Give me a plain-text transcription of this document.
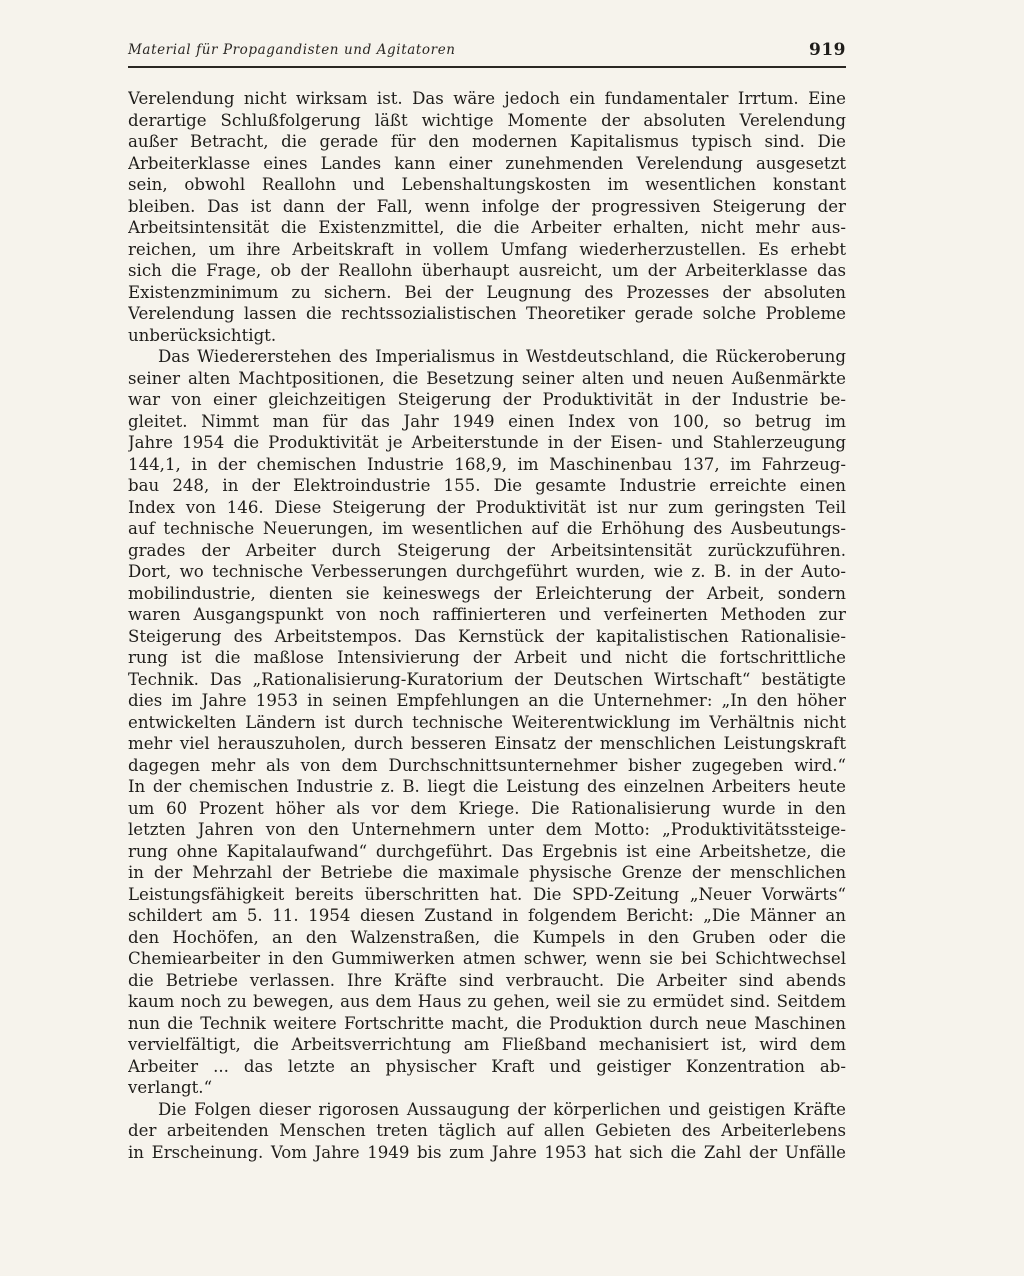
Material für Propagandisten und Agitatoren	919
Verelendung nicht wirksam ist. Das wäre jedoch ein fundamentaler Irrtum. Eine
derartige Schlußfolgerung läßt wichtige Momente der absoluten Verelendung
außer Betracht, die gerade für den modernen Kapitalismus typisch sind. Die
Arbeiterklasse eines Landes kann einer zunehmenden Verelendung ausgesetzt
sein, obwohl Reallohn und Lebenshaltungskosten im wesentlichen konstant
bleiben. Das ist dann der Fall, wenn infolge der progressiven Steigerung der
Arbeitsintensität die Existenzmittel, die die Arbeiter erhalten, nicht mehr aus-
reichen, um ihre Arbeitskraft in vollem Umfang wiederherzustellen. Es erhebt
sich die Frage, ob der Reallohn überhaupt ausreicht, um der Arbeiterklasse das
Existenzminimum zu sichern. Bei der Leugnung des Prozesses der absoluten
Verelendung lassen die rechtssozialistischen Theoretiker gerade solche Probleme
unberücksichtigt.
Das Wiedererstehen des Imperialismus in Westdeutschland, die Rückeroberung
seiner alten Machtpositionen, die Besetzung seiner alten und neuen Außenmärkte
war von einer gleichzeitigen Steigerung der Produktivität in der Industrie be-
gleitet. Nimmt man für das Jahr 1949 einen Index von 100, so betrug im
Jahre 1954 die Produktivität je Arbeiterstunde in der Eisen- und Stahlerzeugung
144,1, in der chemischen Industrie 168,9, im Maschinenbau 137, im Fahrzeug-
bau 248, in der Elektroindustrie 155. Die gesamte Industrie erreichte einen
Index von 146. Diese Steigerung der Produktivität ist nur zum geringsten Teil
auf technische Neuerungen, im wesentlichen auf die Erhöhung des Ausbeutungs-
grades der Arbeiter durch Steigerung der Arbeitsintensität zurückzuführen.
Dort, wo technische Verbesserungen durchgeführt wurden, wie z. B. in der Auto-
mobilindustrie, dienten sie keineswegs der Erleichterung der Arbeit, sondern
waren Ausgangspunkt von noch raffinierteren und verfeinerten Methoden zur
Steigerung des Arbeitstempos. Das Kernstück der kapitalistischen Rationalisie-
rung ist die maßlose Intensivierung der Arbeit und nicht die fortschrittliche
Technik. Das „Rationalisierung-Kuratorium der Deutschen Wirtschaft“ bestätigte
dies im Jahre 1953 in seinen Empfehlungen an die Unternehmer: „In den höher
entwickelten Ländern ist durch technische Weiterentwicklung im Verhältnis nicht
mehr viel herauszuholen, durch besseren Einsatz der menschlichen Leistungskraft
dagegen mehr als von dem Durchschnittsunternehmer bisher zugegeben wird.“
In der chemischen Industrie z. B. liegt die Leistung des einzelnen Arbeiters heute
um 60 Prozent höher als vor dem Kriege. Die Rationalisierung wurde in den
letzten Jahren von den Unternehmern unter dem Motto: „Produktivitätssteige-
rung ohne Kapitalaufwand“ durchgeführt. Das Ergebnis ist eine Arbeitshetze, die
in der Mehrzahl der Betriebe die maximale physische Grenze der menschlichen
Leistungsfähigkeit bereits überschritten hat. Die SPD-Zeitung „Neuer Vorwärts“
schildert am 5. 11. 1954 diesen Zustand in folgendem Bericht: „Die Männer an
den Hochöfen, an den Walzenstraßen, die Kumpels in den Gruben oder die
Chemiearbeiter in den Gummiwerken atmen schwer, wenn sie bei Schichtwechsel
die Betriebe verlassen. Ihre Kräfte sind verbraucht. Die Arbeiter sind abends
kaum noch zu bewegen, aus dem Haus zu gehen, weil sie zu ermüdet sind. Seitdem
nun die Technik weitere Fortschritte macht, die Produktion durch neue Maschinen
vervielfältigt, die Arbeitsverrichtung am Fließband mechanisiert ist, wird dem
Arbeiter ... das letzte an physischer Kraft und geistiger Konzentration ab-
verlangt.“
Die Folgen dieser rigorosen Aussaugung der körperlichen und geistigen Kräfte
der arbeitenden Menschen treten täglich auf allen Gebieten des Arbeiterlebens
in Erscheinung. Vom Jahre 1949 bis zum Jahre 1953 hat sich die Zahl der Unfälle
